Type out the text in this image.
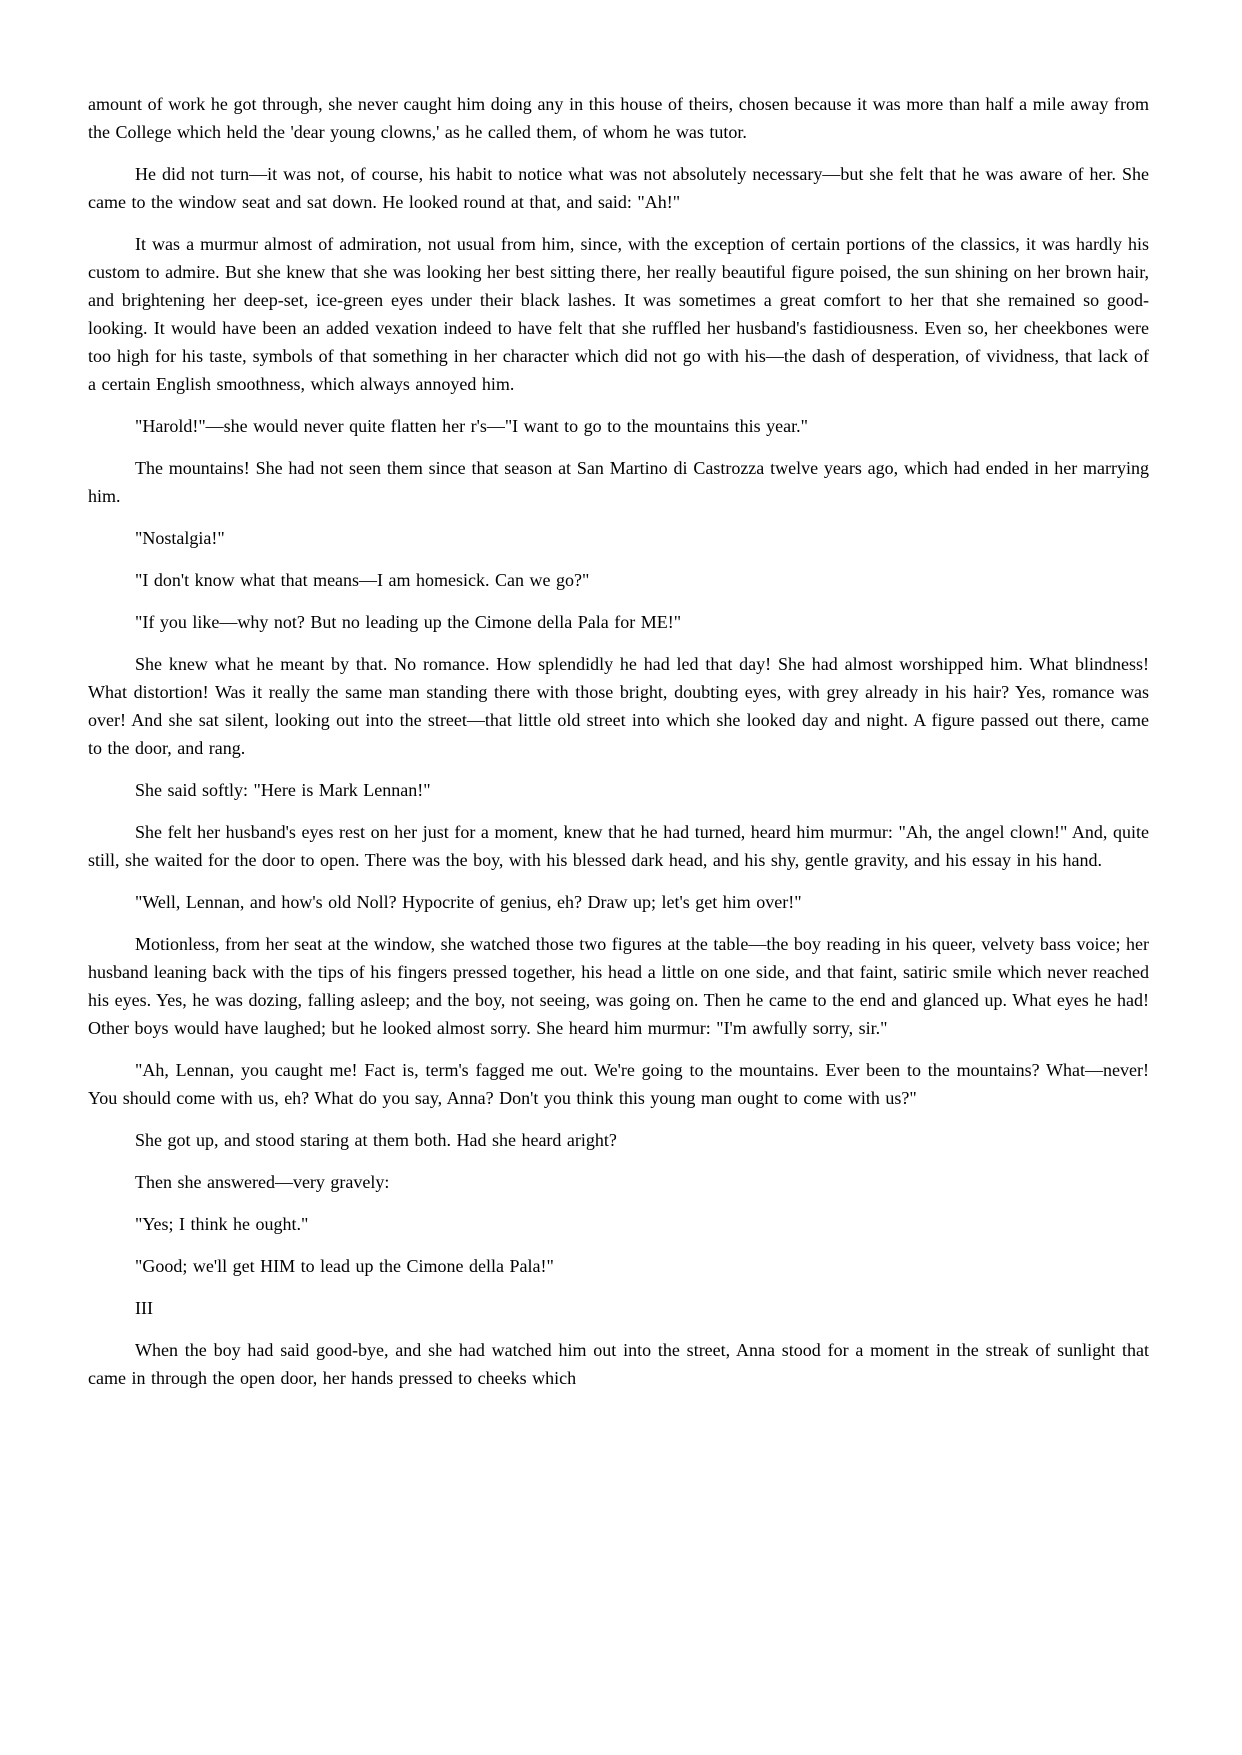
amount of work he got through, she never caught him doing any in this house of theirs, chosen because it was more than half a mile away from the College which held the 'dear young clowns,' as he called them, of whom he was tutor.

He did not turn—it was not, of course, his habit to notice what was not absolutely necessary—but she felt that he was aware of her. She came to the window seat and sat down. He looked round at that, and said: "Ah!"

It was a murmur almost of admiration, not usual from him, since, with the exception of certain portions of the classics, it was hardly his custom to admire. But she knew that she was looking her best sitting there, her really beautiful figure poised, the sun shining on her brown hair, and brightening her deep-set, ice-green eyes under their black lashes. It was sometimes a great comfort to her that she remained so good-looking. It would have been an added vexation indeed to have felt that she ruffled her husband's fastidiousness. Even so, her cheekbones were too high for his taste, symbols of that something in her character which did not go with his—the dash of desperation, of vividness, that lack of a certain English smoothness, which always annoyed him.

"Harold!"—she would never quite flatten her r's—"I want to go to the mountains this year."

The mountains! She had not seen them since that season at San Martino di Castrozza twelve years ago, which had ended in her marrying him.

"Nostalgia!"

"I don't know what that means—I am homesick. Can we go?"

"If you like—why not? But no leading up the Cimone della Pala for ME!"

She knew what he meant by that. No romance. How splendidly he had led that day! She had almost worshipped him. What blindness! What distortion! Was it really the same man standing there with those bright, doubting eyes, with grey already in his hair? Yes, romance was over! And she sat silent, looking out into the street—that little old street into which she looked day and night. A figure passed out there, came to the door, and rang.

She said softly: "Here is Mark Lennan!"

She felt her husband's eyes rest on her just for a moment, knew that he had turned, heard him murmur: "Ah, the angel clown!" And, quite still, she waited for the door to open. There was the boy, with his blessed dark head, and his shy, gentle gravity, and his essay in his hand.

"Well, Lennan, and how's old Noll? Hypocrite of genius, eh? Draw up; let's get him over!"

Motionless, from her seat at the window, she watched those two figures at the table—the boy reading in his queer, velvety bass voice; her husband leaning back with the tips of his fingers pressed together, his head a little on one side, and that faint, satiric smile which never reached his eyes. Yes, he was dozing, falling asleep; and the boy, not seeing, was going on. Then he came to the end and glanced up. What eyes he had! Other boys would have laughed; but he looked almost sorry. She heard him murmur: "I'm awfully sorry, sir."

"Ah, Lennan, you caught me! Fact is, term's fagged me out. We're going to the mountains. Ever been to the mountains? What—never! You should come with us, eh? What do you say, Anna? Don't you think this young man ought to come with us?"

She got up, and stood staring at them both. Had she heard aright?

Then she answered—very gravely:

"Yes; I think he ought."

"Good; we'll get HIM to lead up the Cimone della Pala!"

III

When the boy had said good-bye, and she had watched him out into the street, Anna stood for a moment in the streak of sunlight that came in through the open door, her hands pressed to cheeks which
